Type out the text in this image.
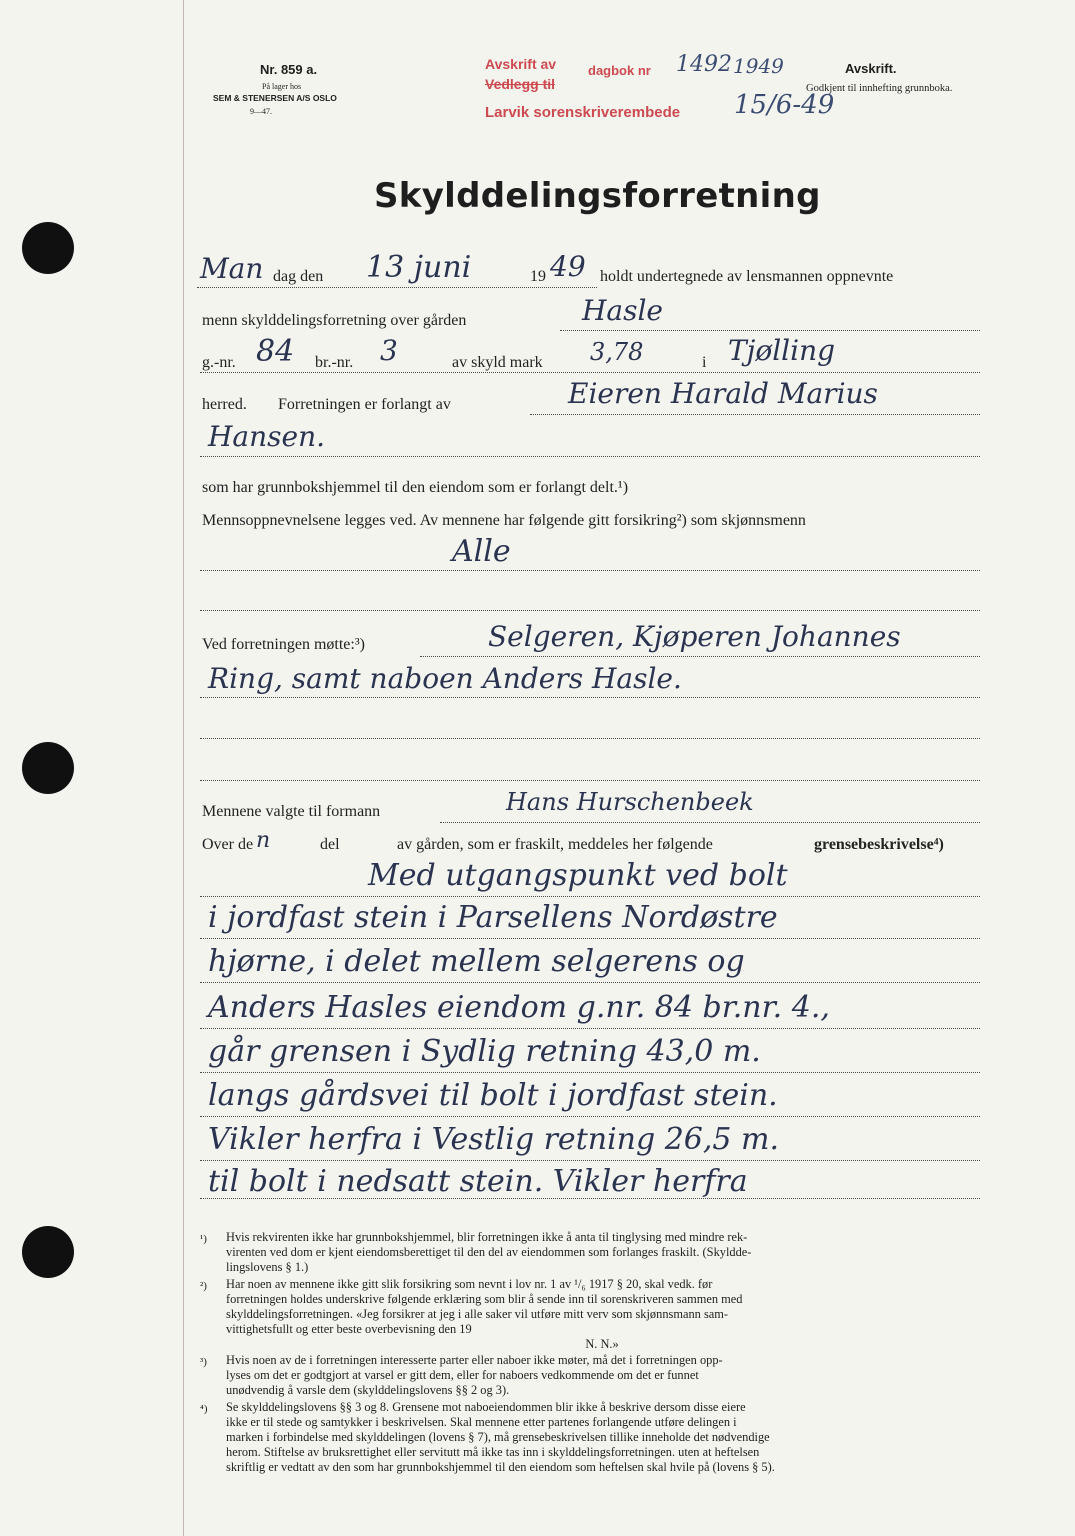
Nr. 859 a.
På lager hos
SEM & STENERSEN A/S OSLO
9—47.
Avskrift av dagbok nr
Vedlegg til
Larvik sorenskriverembede
1492 1949
15/6-49
Avskrift.
Godkjent til innhefting grunnboka.
Skylddelingsforretning
Man dag den 13 juni	19 49 holdt undertegnede av lensmannen oppnevnte
menn skylddelingsforretning over gården	Hasle
g.-nr. 84 br.-nr. 3	av skyld mark 3,78	i Tjølling
herred. Forretningen er forlangt av	Eieren Harald Marius
Hansen.
som har grunnbokshjemmel til den eiendom som er forlangt delt.¹)
Mennsoppnevnelsene legges ved. Av mennene har følgende gitt forsikring²) som skjønnsmenn
Alle
Ved forretningen møtte:³)	Selgeren, Kjøperen Johannes
Ring, samt naboen Anders Hasle.
Mennene valgte til formann	Hans Hurschenbeek
Over de n	del	av gården, som er fraskilt, meddeles her følgende	grensebeskrivelse⁴)
Med utgangspunkt ved bolt
i jordfast stein i Parsellens Nordøstre
hjørne, i delet mellem selgerens og
Anders Hasles eiendom g.nr. 84 br.nr. 4.,
går grensen i Sydlig retning 43,0 m.
langs gårdsvei til bolt i jordfast stein.
Vikler herfra i Vestlig retning 26,5 m.
til bolt i nedsatt stein. Vikler herfra
¹) Hvis rekvirenten ikke har grunnbokshjemmel, blir forretningen ikke å anta til tinglysing med mindre rek-
virenten ved dom er kjent eiendomsberettiget til den del av eiendommen som forlanges fraskilt. (Skyldde-
lingslovens § 1.)
²) Har noen av mennene ikke gitt slik forsikring som nevnt i lov nr. 1 av ¹/₆ 1917 § 20, skal vedk. før
forretningen holdes underskrive følgende erklæring som blir å sende inn til sorenskriveren sammen med
skylddelingsforretningen. «Jeg forsikrer at jeg i alle saker vil utføre mitt verv som skjønnsmann sam-
vittighetsfullt og etter beste overbevisning den 19
N. N.»
³) Hvis noen av de i forretningen interesserte parter eller naboer ikke møter, må det i forretningen opp-
lyses om det er godtgjort at varsel er gitt dem, eller for naboers vedkommende om det er funnet
unødvendig å varsle dem (skylddelingslovens §§ 2 og 3).
⁴) Se skylddelingslovens §§ 3 og 8. Grensene mot naboeiendommen blir ikke å beskrive dersom disse eiere
ikke er til stede og samtykker i beskrivelsen. Skal mennene etter partenes forlangende utføre delingen i
marken i forbindelse med skylddelingen (lovens § 7), må grensebeskrivelsen tillike inneholde det nødvendige
herom. Stiftelse av bruksrettighet eller servitutt må ikke tas inn i skylddelingsforretningen. uten at heftelsen
skriftlig er vedtatt av den som har grunnbokshjemmel til den eiendom som heftelsen skal hvile på (lovens § 5).
